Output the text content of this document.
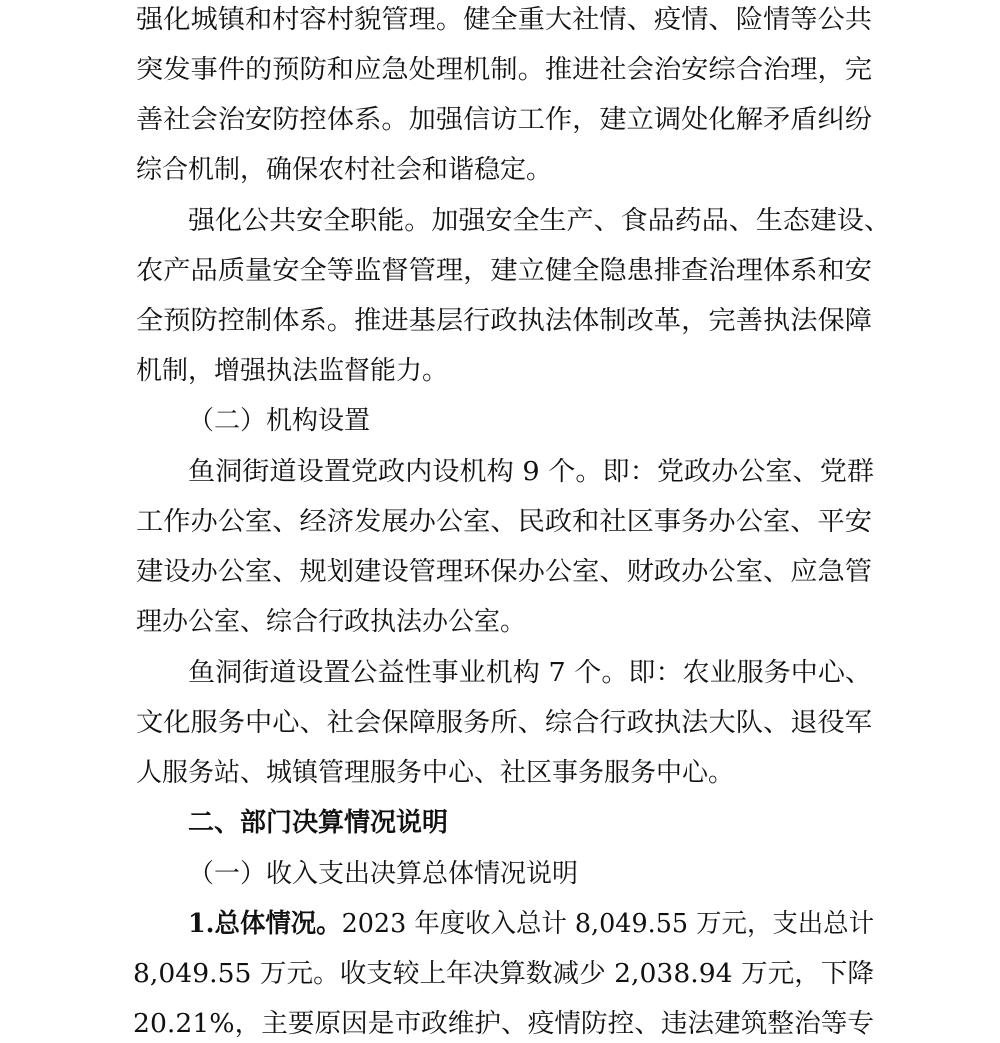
强化城镇和村容村貌管理。健全重大社情、疫情、险情等公共

突发事件的预防和应急处理机制。推进社会治安综合治理，完

善社会治安防控体系。加强信访工作，建立调处化解矛盾纠纷

综合机制，确保农村社会和谐稳定。

强化公共安全职能。加强安全生产、食品药品、生态建设、

农产品质量安全等监督管理，建立健全隐患排查治理体系和安

全预防控制体系。推进基层行政执法体制改革，完善执法保障

机制，增强执法监督能力。

（二）机构设置

鱼洞街道设置党政内设机构 9 个。即：党政办公室、党群

工作办公室、经济发展办公室、民政和社区事务办公室、平安

建设办公室、规划建设管理环保办公室、财政办公室、应急管

理办公室、综合行政执法办公室。

鱼洞街道设置公益性事业机构 7 个。即：农业服务中心、

文化服务中心、社会保障服务所、综合行政执法大队、退役军

人服务站、城镇管理服务中心、社区事务服务中心。

二、部门决算情况说明

（一）收入支出决算总体情况说明

1.总体情况。2023 年度收入总计 8,049.55 万元，支出总计

8,049.55 万元。收支较上年决算数减少 2,038.94 万元，下降

20.21%，主要原因是市政维护、疫情防控、违法建筑整治等专
